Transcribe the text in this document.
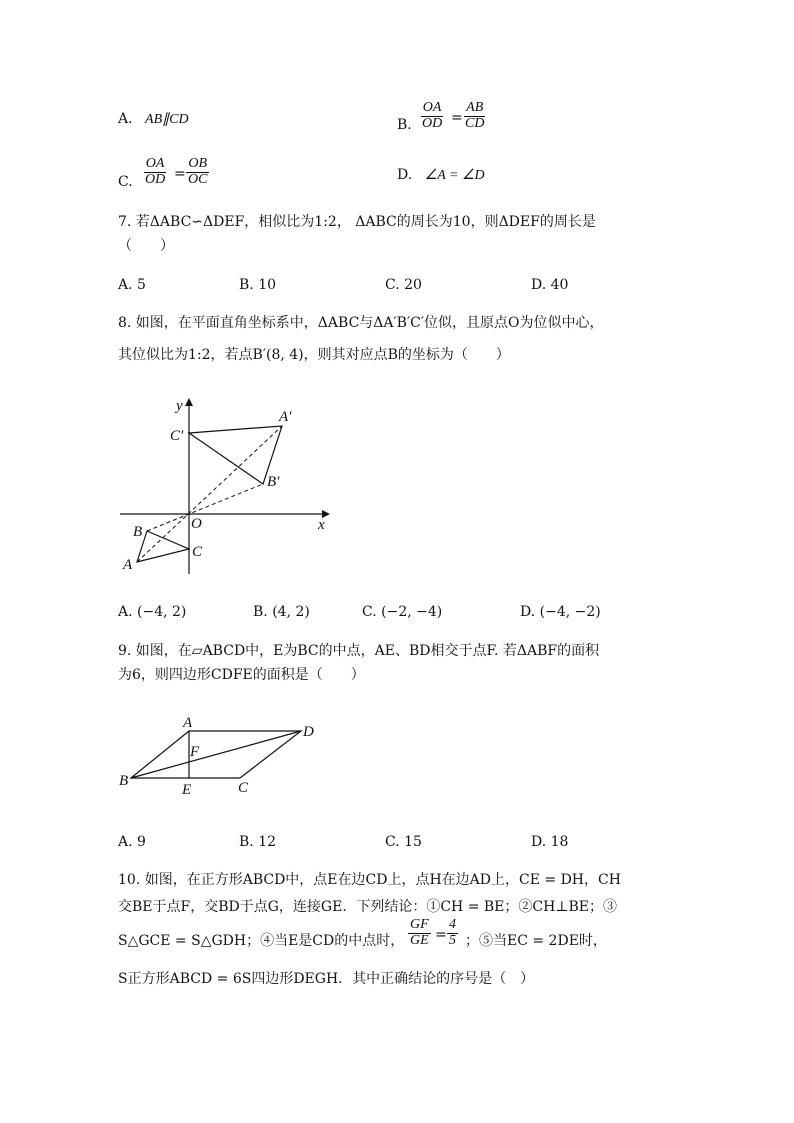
A. AB∥CD	B. $\frac{OA}{OD} = \frac{AB}{CD}$
C. $\frac{OA}{OD} = \frac{OB}{OC}$	D. ∠A = ∠D
7. 若ΔABC∽ΔDEF，相似比为1:2， ΔABC的周长为10，则ΔDEF的周长是
（　　）
A. 5	B. 10	C. 20	D. 40
8. 如图，在平面直角坐标系中，ΔABC与ΔA′B′C′位似，且原点O为位似中心，
其位似比为1:2，若点B′(8, 4)，则其对应点B的坐标为（　　）
y
x
O
A′
B′
C′
A
B
C
A. (−4, 2)	B. (4, 2)	C. (−2, −4)	D. (−4, −2)
9. 如图，在▱ABCD中，E为BC的中点，AE、BD相交于点F. 若ΔABF的面积
为6，则四边形CDFE的面积是（　　）
A
B	C
D
E
F
A. 9	B. 12	C. 15	D. 18
10. 如图，在正方形ABCD中，点E在边CD上，点H在边AD上，CE = DH，CH
交BE于点F，交BD于点G，连接GE．下列结论：①CH = BE；②CH⊥BE；③
S△GCE = S△GDH；④当E是CD的中点时， $\frac{GF}{GE} = \frac{4}{5}$ ；⑤当EC = 2DE时，
S正方形ABCD = 6S四边形DEGH．其中正确结论的序号是（　）
